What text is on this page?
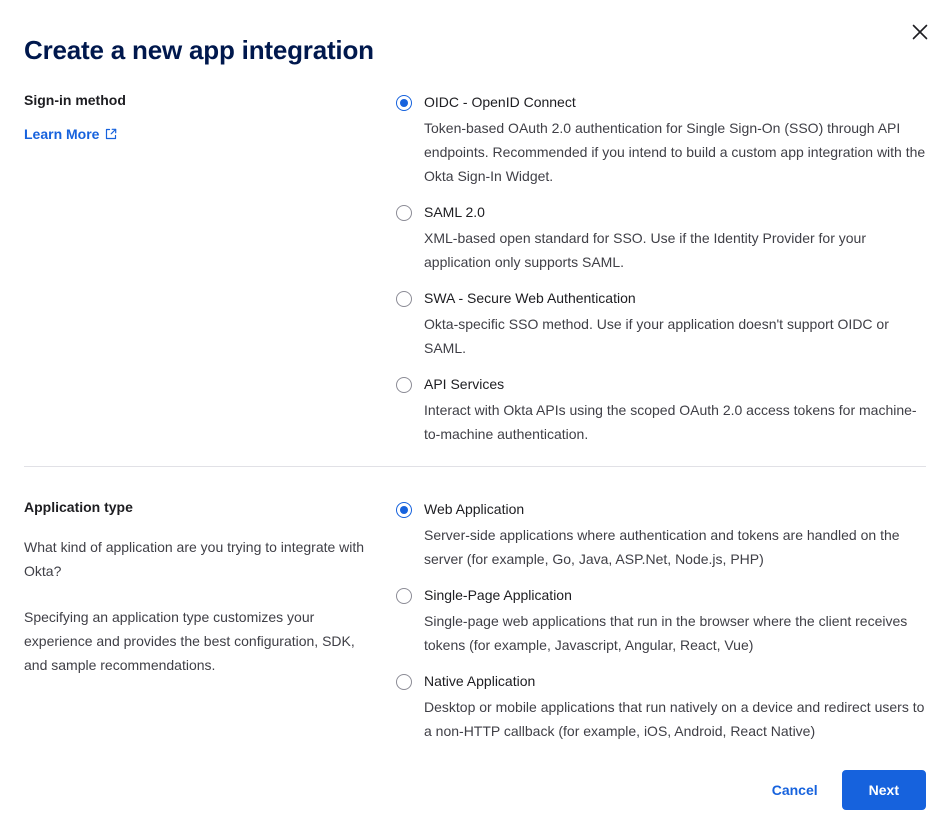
Create a new app integration
Sign-in method
Learn More
OIDC - OpenID Connect
Token-based OAuth 2.0 authentication for Single Sign-On (SSO) through API endpoints. Recommended if you intend to build a custom app integration with the Okta Sign-In Widget.
SAML 2.0
XML-based open standard for SSO. Use if the Identity Provider for your application only supports SAML.
SWA - Secure Web Authentication
Okta-specific SSO method. Use if your application doesn't support OIDC or SAML.
API Services
Interact with Okta APIs using the scoped OAuth 2.0 access tokens for machine-to-machine authentication.
Application type

What kind of application are you trying to integrate with Okta?

Specifying an application type customizes your experience and provides the best configuration, SDK, and sample recommendations.

Web Application
Server-side applications where authentication and tokens are handled on the server (for example, Go, Java, ASP.Net, Node.js, PHP)
Single-Page Application
Single-page web applications that run in the browser where the client receives tokens (for example, Javascript, Angular, React, Vue)
Native Application
Desktop or mobile applications that run natively on a device and redirect users to a non-HTTP callback (for example, iOS, Android, React Native)
Cancel	Next
